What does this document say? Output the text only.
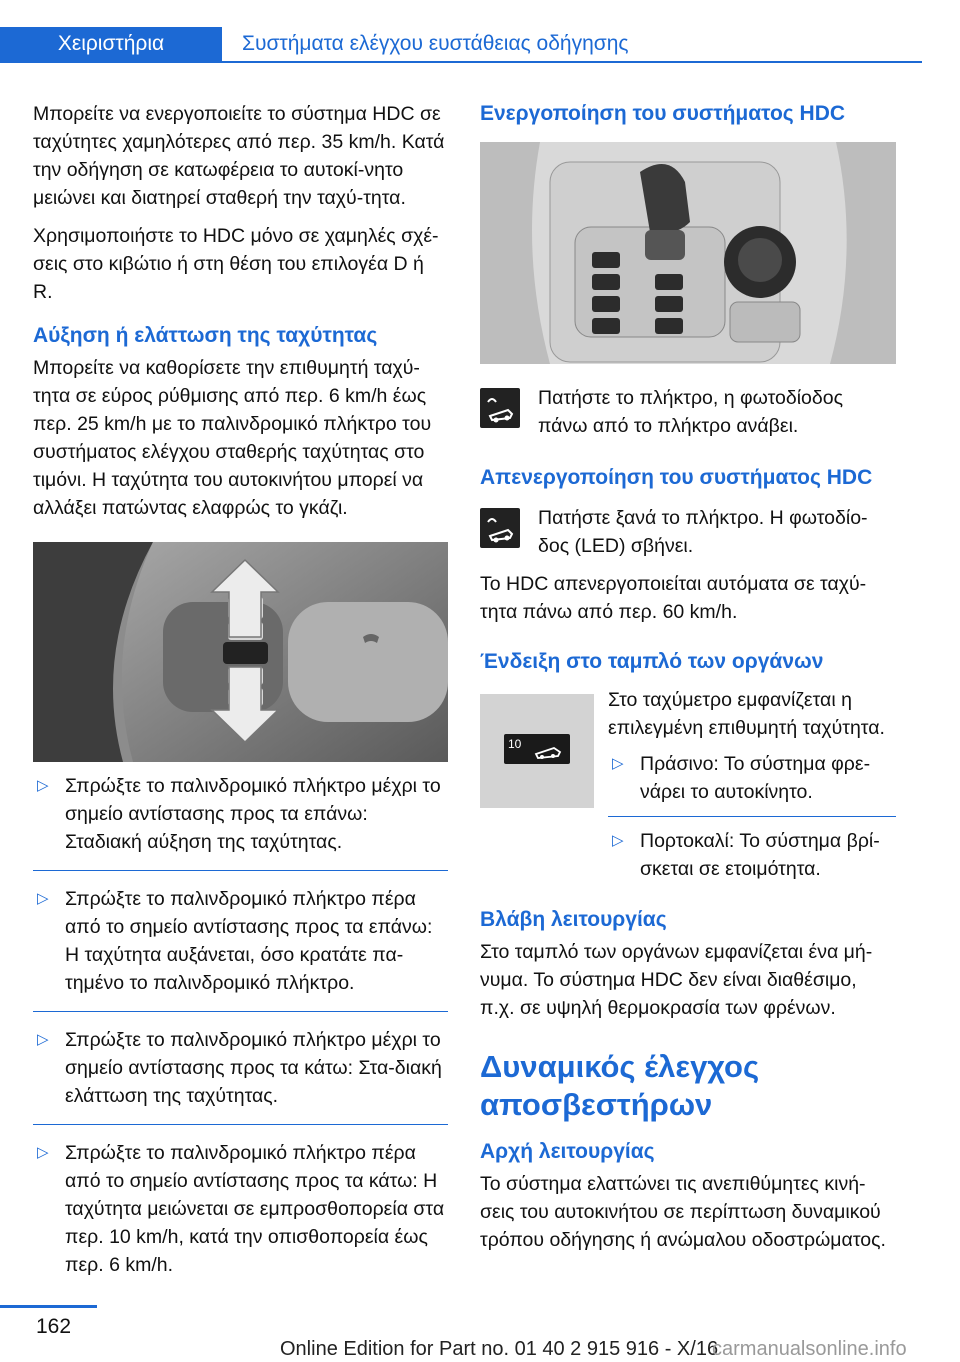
Χειριστήρια	Συστήματα ελέγχου ευστάθειας οδήγησης

Μπορείτε να ενεργοποιείτε το σύστημα HDC σε ταχύτητες χαμηλότερες από περ. 35 km/h. Κατά την οδήγηση σε κατωφέρεια το αυτοκί‐νητο μειώνει και διατηρεί σταθερή την ταχύ‐τητα.

Χρησιμοποιήστε το HDC μόνο σε χαμηλές σχέ‐σεις στο κιβώτιο ή στη θέση του επιλογέα D ή R.

Αύξηση ή ελάττωση της ταχύτητας

Μπορείτε να καθορίσετε την επιθυμητή ταχύ‐τητα σε εύρος ρύθμισης από περ. 6 km/h έως περ. 25 km/h με το παλινδρομικό πλήκτρο του συστήματος ελέγχου σταθερής ταχύτητας στο τιμόνι. Η ταχύτητα του αυτοκινήτου μπορεί να αλλάξει πατώντας ελαφρώς το γκάζι.

▷ Σπρώξτε το παλινδρομικό πλήκτρο μέχρι το σημείο αντίστασης προς τα επάνω: Σταδιακή αύξηση της ταχύτητας.
▷ Σπρώξτε το παλινδρομικό πλήκτρο πέρα από το σημείο αντίστασης προς τα επάνω: Η ταχύτητα αυξάνεται, όσο κρατάτε πα‐τημένο το παλινδρομικό πλήκτρο.
▷ Σπρώξτε το παλινδρομικό πλήκτρο μέχρι το σημείο αντίστασης προς τα κάτω: Στα‐διακή ελάττωση της ταχύτητας.
▷ Σπρώξτε το παλινδρομικό πλήκτρο πέρα από το σημείο αντίστασης προς τα κάτω: Η ταχύτητα μειώνεται σε εμπροσθοπορεία στα περ. 10 km/h, κατά την οπισθοπορεία έως περ. 6 km/h.
Ενεργοποίηση του συστήματος HDC
Πατήστε το πλήκτρο, η φωτοδίοδος πάνω από το πλήκτρο ανάβει.
Απενεργοποίηση του συστήματος HDC
Πατήστε ξανά το πλήκτρο. Η φωτοδίο‐δος (LED) σβήνει.

Το HDC απενεργοποιείται αυτόματα σε ταχύ‐τητα πάνω από περ. 60 km/h.

Ένδειξη στο ταμπλό των οργάνων
10

Στο ταχύμετρο εμφανίζεται η επιλεγμένη επιθυμητή ταχύτητα.

▷ Πράσινο: Το σύστημα φρε‐νάρει το αυτοκίνητο.
▷ Πορτοκαλί: Το σύστημα βρί‐σκεται σε ετοιμότητα.
Βλάβη λειτουργίας

Στο ταμπλό των οργάνων εμφανίζεται ένα μή‐νυμα. Το σύστημα HDC δεν είναι διαθέσιμο, π.χ. σε υψηλή θερμοκρασία των φρένων.

Δυναμικός έλεγχος αποσβεστήρων
Αρχή λειτουργίας

Το σύστημα ελαττώνει τις ανεπιθύμητες κινή‐σεις του αυτοκινήτου σε περίπτωση δυναμικού τρόπου οδήγησης ή ανώμαλου οδοστρώματος.

162
Online Edition for Part no. 01 40 2 915 916 - X/16
carmanualsonline.info
